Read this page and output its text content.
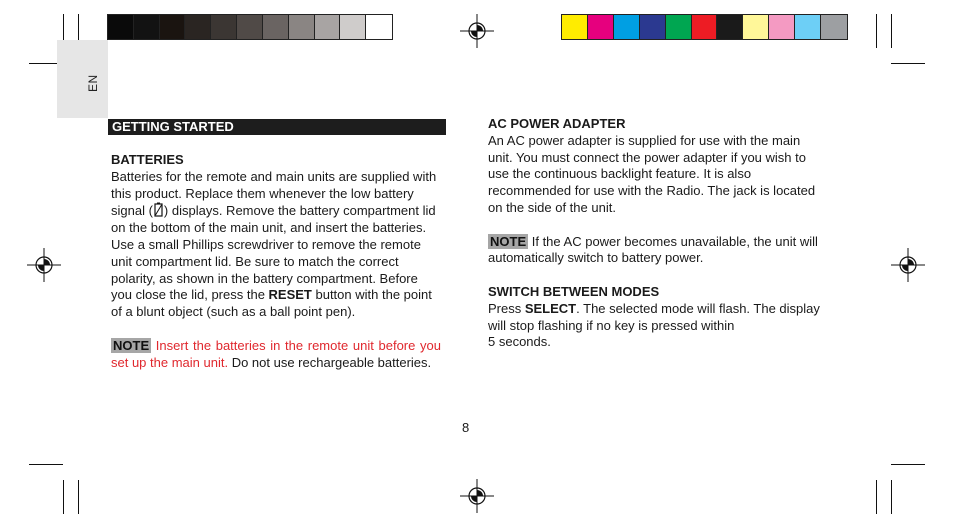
EN
GETTING STARTED
BATTERIES

Batteries for the remote and main units are supplied with this product. Replace them whenever the low battery signal ( ) displays. Remove the battery compartment lid on the bottom of the main unit, and insert the batteries. Use a small Phillips screwdriver to remove the remote unit compartment lid. Be sure to match the correct polarity, as shown in the battery compartment. Before you close the lid, press the RESET button with the point of a blunt object (such as a ball point pen).

NOTE Insert the batteries in the remote unit before you set up the main unit. Do not use rechargeable batteries.

AC POWER ADAPTER

An AC power adapter is supplied for use with the main unit. You must connect the power adapter if you wish to use the continuous backlight feature. It is also recommended for use with the Radio. The jack is located on the side of the unit.

NOTE If the AC power becomes unavailable, the unit will automatically switch to battery power.

SWITCH BETWEEN MODES

Press SELECT. The selected mode will flash. The display will stop flashing if no key is pressed within
5 seconds.

8
